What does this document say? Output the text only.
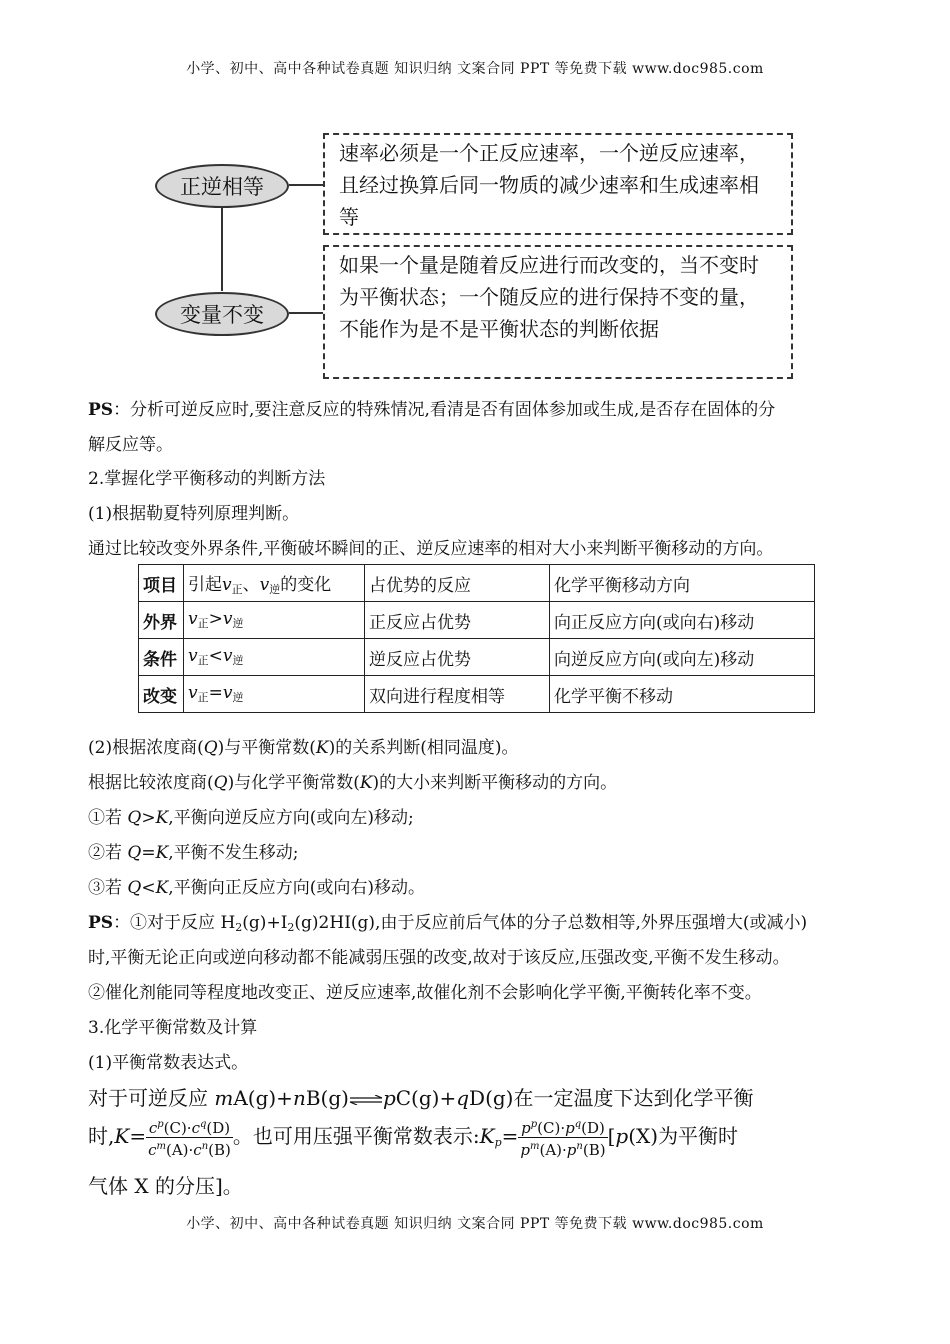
小学、初中、高中各种试卷真题 知识归纳 文案合同 PPT 等免费下载 www.doc985.com
正逆相等
变量不变
速率必须是一个正反应速率，一个逆反应速率，且经过换算后同一物质的减少速率和生成速率相等
如果一个量是随着反应进行而改变的，当不变时为平衡状态；一个随反应的进行保持不变的量，不能作为是不是平衡状态的判断依据
PS：分析可逆反应时,要注意反应的特殊情况,看清是否有固体参加或生成,是否存在固体的分
解反应等。
2.掌握化学平衡移动的判断方法
(1)根据勒夏特列原理判断。
通过比较改变外界条件,平衡破坏瞬间的正、逆反应速率的相对大小来判断平衡移动的方向。
项目	引起$v_正$、$v_逆$的变化	占优势的反应	化学平衡移动方向
外界	$v_正>v_逆$	正反应占优势	向正反应方向(或向右)移动
条件	$v_正<v_逆$	逆反应占优势	向逆反应方向(或向左)移动
改变	$v_正=v_逆$	双向进行程度相等	化学平衡不移动
(2)根据浓度商(Q)与平衡常数(K)的关系判断(相同温度)。
根据比较浓度商(Q)与化学平衡常数(K)的大小来判断平衡移动的方向。
①若 Q>K,平衡向逆反应方向(或向左)移动;
②若 Q=K,平衡不发生移动;
③若 Q<K,平衡向正反应方向(或向右)移动。
PS：①对于反应 $H_2(g)+I_2(g)2HI(g)$,由于反应前后气体的分子总数相等,外界压强增大(或减小)
时,平衡无论正向或逆向移动都不能减弱压强的改变,故对于该反应,压强改变,平衡不发生移动。
②催化剂能同等程度地改变正、逆反应速率,故催化剂不会影响化学平衡,平衡转化率不变。
3.化学平衡常数及计算
(1)平衡常数表达式。
对于可逆反应 mA(g)+nB(g)⇌pC(g)+qD(g)在一定温度下达到化学平衡
时$,K= \frac{c^p(C)\cdot c^q(D)}{c^m(A)\cdot c^n(B)}$ 。也可用压强平衡常数表示$:K_p= \frac{p^p(C)\cdot p^q(D)}{p^m(A)\cdot p^n(B)} [p(X)$为平衡时
气体 X 的分压]。
小学、初中、高中各种试卷真题 知识归纳 文案合同 PPT 等免费下载 www.doc985.com
